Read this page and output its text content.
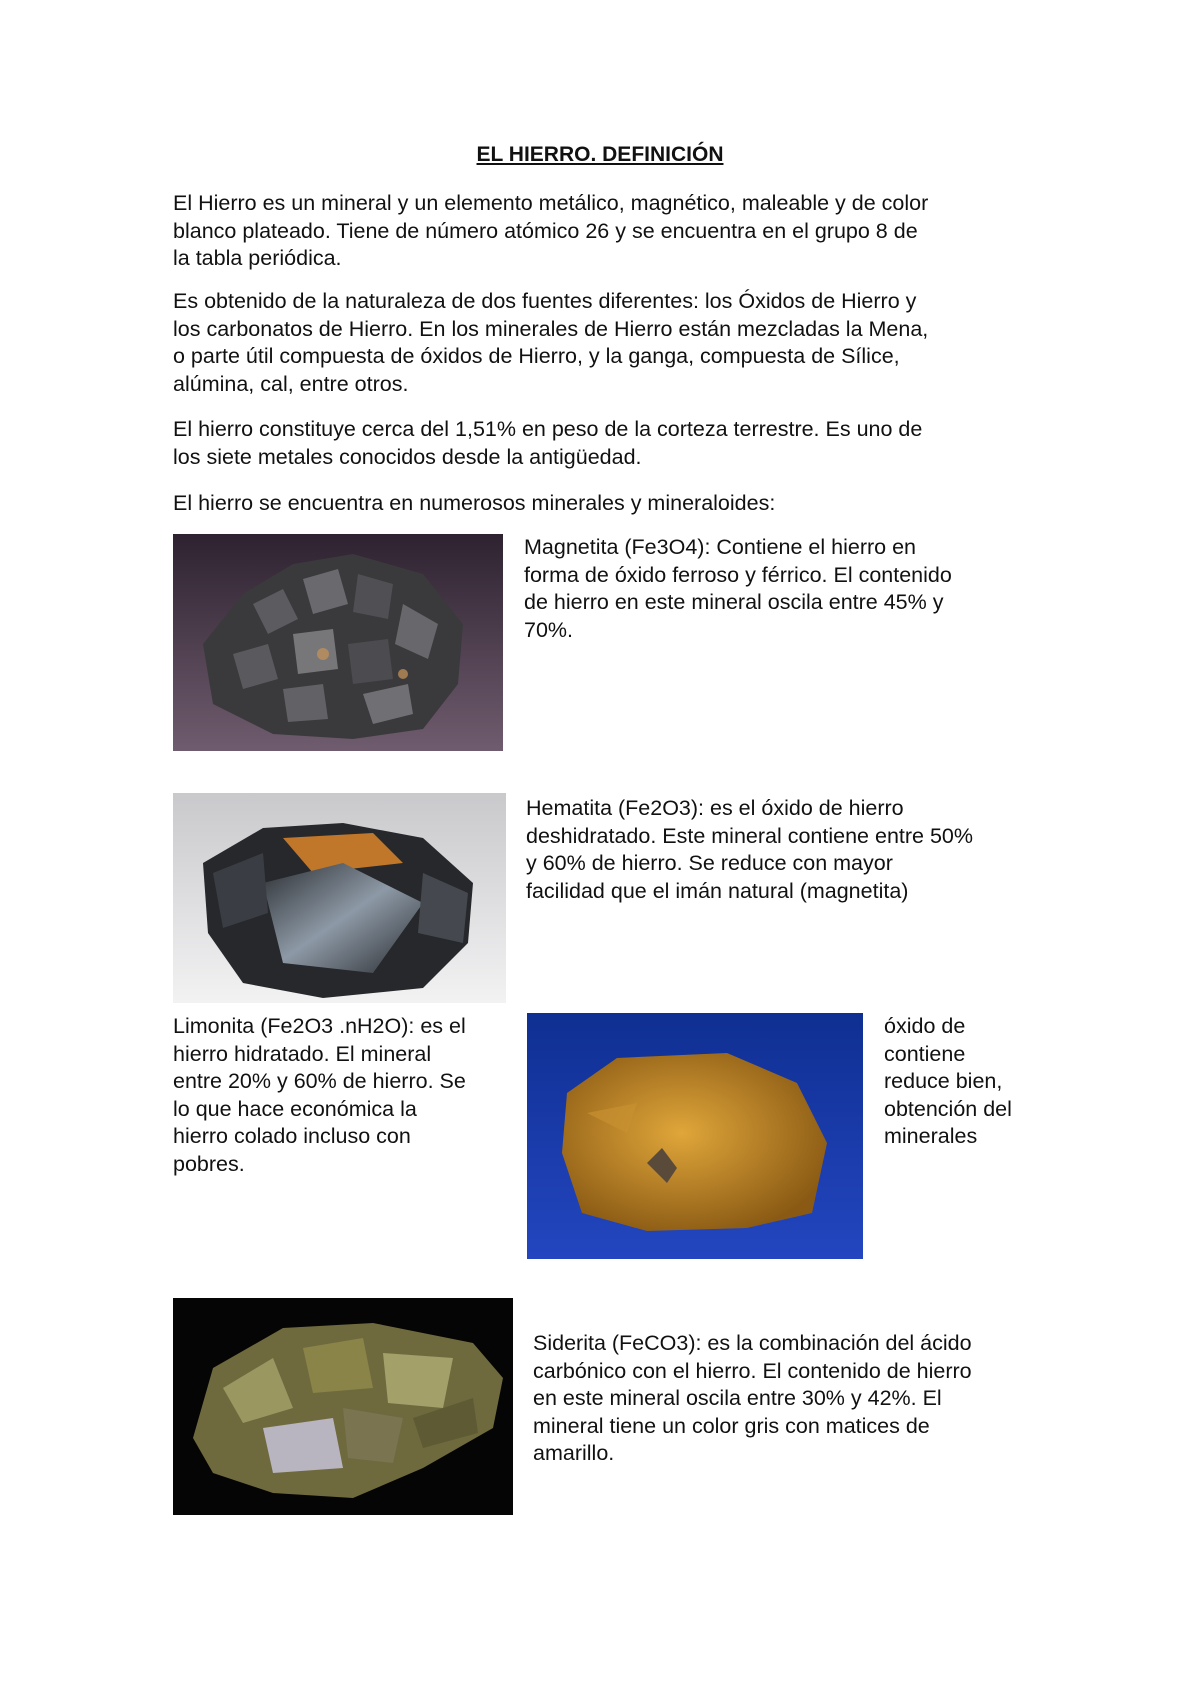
EL HIERRO. DEFINICIÓN

El Hierro es un mineral y un elemento metálico, magnético, maleable y de color
blanco plateado. Tiene de número atómico 26 y se encuentra en el grupo 8 de
la tabla periódica.

Es obtenido de la naturaleza de dos fuentes diferentes: los Óxidos de Hierro y
los carbonatos de Hierro. En los minerales de Hierro están mezcladas la Mena,
o parte útil compuesta de óxidos de Hierro, y la ganga, compuesta de Sílice,
alúmina, cal, entre otros.

El hierro constituye cerca del 1,51% en peso de la corteza terrestre. Es uno de
los siete metales conocidos desde la antigüedad.

El hierro se encuentra en numerosos minerales y mineraloides:

Magnetita (Fe3O4): Contiene el hierro en
forma de óxido ferroso y férrico. El contenido
de hierro en este mineral oscila entre 45% y
70%.

Hematita (Fe2O3): es el óxido de hierro
deshidratado. Este mineral contiene entre 50%
y 60% de hierro. Se reduce con mayor
facilidad que el imán natural (magnetita)

Limonita (Fe2O3 .nH2O): es el
hierro hidratado. El mineral
entre 20% y 60% de hierro. Se
lo que hace económica la
hierro colado incluso con
pobres.

óxido de
contiene
reduce bien,
obtención del
minerales

Siderita (FeCO3): es la combinación del ácido
carbónico con el hierro. El contenido de hierro
en este mineral oscila entre 30% y 42%. El
mineral tiene un color gris con matices de
amarillo.
